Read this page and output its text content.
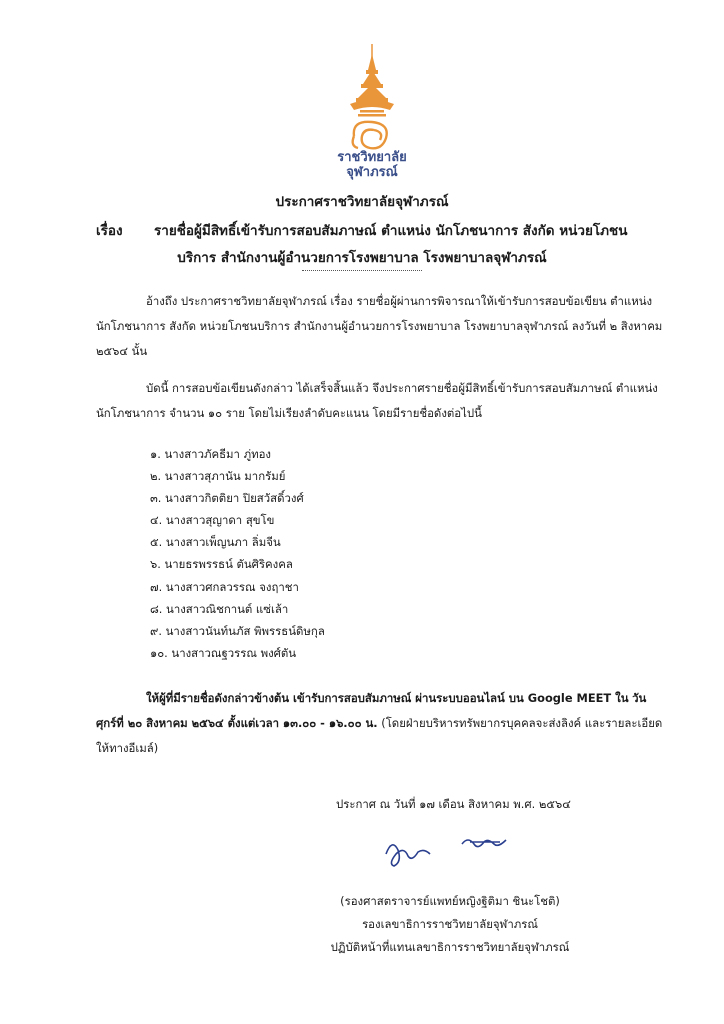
ราชวิทยาลัย
จุฬาภรณ์
ประกาศราชวิทยาลัยจุฬาภรณ์
เรื่อง รายชื่อผู้มีสิทธิ์เข้ารับการสอบสัมภาษณ์ ตำแหน่ง นักโภชนาการ สังกัด หน่วยโภชน
บริการ สำนักงานผู้อำนวยการโรงพยาบาล โรงพยาบาลจุฬาภรณ์
อ้างถึง ประกาศราชวิทยาลัยจุฬาภรณ์ เรื่อง รายชื่อผู้ผ่านการพิจารณาให้เข้ารับการสอบข้อเขียน ตำแหน่ง นักโภชนาการ สังกัด หน่วยโภชนบริการ สำนักงานผู้อำนวยการโรงพยาบาล โรงพยาบาลจุฬาภรณ์ ลงวันที่ ๒ สิงหาคม ๒๕๖๔ นั้น
บัดนี้ การสอบข้อเขียนดังกล่าว ได้เสร็จสิ้นแล้ว จึงประกาศรายชื่อผู้มีสิทธิ์เข้ารับการสอบสัมภาษณ์ ตำแหน่ง นักโภชนาการ จำนวน ๑๐ ราย โดยไม่เรียงลำดับคะแนน โดยมีรายชื่อดังต่อไปนี้
๑. นางสาวภัคธีมา ภู่ทอง
๒. นางสาวสุภานัน มากรัมย์
๓. นางสาวกิตติยา ปิยสวัสดิ์วงศ์
๔. นางสาวสุญาดา สุขโข
๕. นางสาวเพ็ญนภา ลิ่มจีน
๖. นายธรพรรธน์ ตันศิริคงคล
๗. นางสาวศกลวรรณ จงฤาชา
๘. นางสาวณิชกานต์ แซ่เล้า
๙. นางสาวนันท์นภัส พิพรรธน์ดิษกุล
๑๐. นางสาวณฐวรรณ พงศ์ตัน
ให้ผู้ที่มีรายชื่อดังกล่าวข้างต้น เข้ารับการสอบสัมภาษณ์ ผ่านระบบออนไลน์ บน Google MEET ใน วันศุกร์ที่ ๒๐ สิงหาคม ๒๕๖๔ ตั้งแต่เวลา ๑๓.๐๐ - ๑๖.๐๐ น. (โดยฝ่ายบริหารทรัพยากรบุคคลจะส่งลิงค์ และรายละเอียดให้ทางอีเมล์)
ประกาศ ณ วันที่ ๑๗ เดือน สิงหาคม พ.ศ. ๒๕๖๔
(รองศาสตราจารย์แพทย์หญิงฐิติมา ชินะโชติ)
รองเลขาธิการราชวิทยาลัยจุฬาภรณ์
ปฏิบัติหน้าที่แทนเลขาธิการราชวิทยาลัยจุฬาภรณ์
